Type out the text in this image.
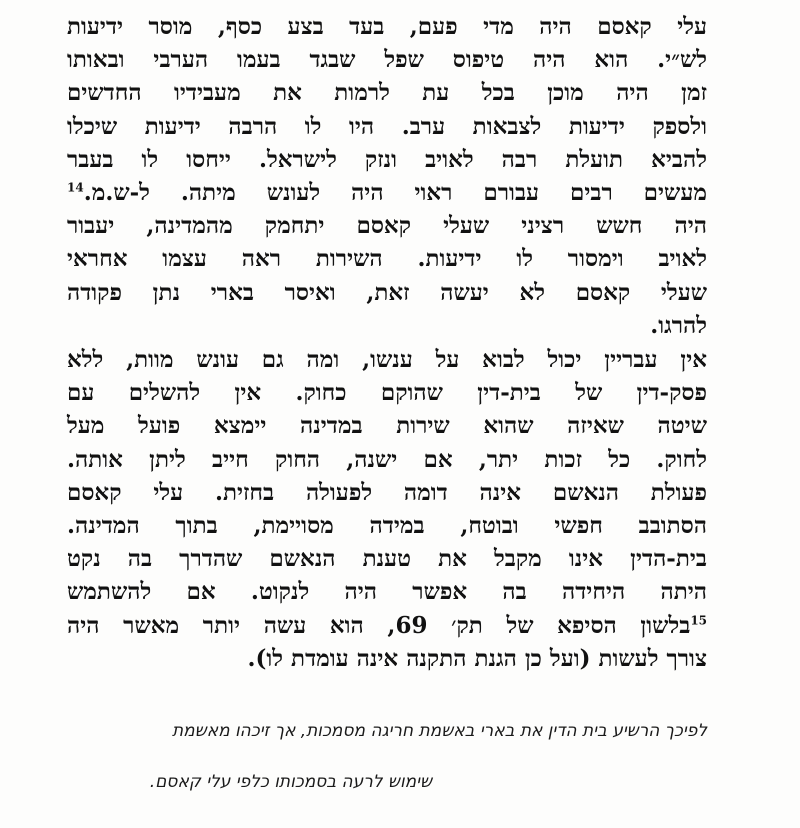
עלי קאסם היה מדי פעם, בעד בצע כסף, מוסר ידיעות
לש״י. הוא היה טיפוס שפל שבגד בעמו הערבי ובאותו
זמן היה מוכן בכל עת לרמות את מעבידיו החדשים
ולספק ידיעות לצבאות ערב. היו לו הרבה ידיעות שיכלו
להביא תועלת רבה לאויב ונזק לישראל. ייחסו לו בעבר
מעשים רבים עבורם ראוי היה לעונש מיתה. ל-ש.מ.$^{14}$
היה חשש רציני שעלי קאסם יתחמק מהמדינה, יעבור
לאויב וימסור לו ידיעות. השירות ראה עצמו אחראי
שעלי קאסם לא יעשה זאת, ואיסר בארי נתן פקודה
להרגו.
אין עבריין יכול לבוא על ענשו, ומה גם עונש מוות, ללא
פסק-דין של בית-דין שהוקם כחוק. אין להשלים עם
שיטה שאיזה שהוא שירות במדינה יימצא פועל מעל
לחוק. כל זכות יתר, אם ישנה, החוק חייב ליתן אותה.
פעולת הנאשם אינה דומה לפעולה בחזית. עלי קאסם
הסתובב חפשי ובוטח, במידה מסויימת, בתוך המדינה.
בית-הדין אינו מקבל את טענת הנאשם שהדרך בה נקט
היתה היחידה בה אפשר היה לנקוט. אם להשתמש
$^{15}$בלשון הסיפא של תק׳ 69, הוא עשה יותר מאשר היה
צורך לעשות (ועל כן הגנת התקנה אינה עומדת לו).

לפיכך הרשיע בית הדין את בארי באשמת חריגה מסמכות, אך זיכהו מאשמת

שימוש לרעה בסמכותו כלפי עלי קאסם.
